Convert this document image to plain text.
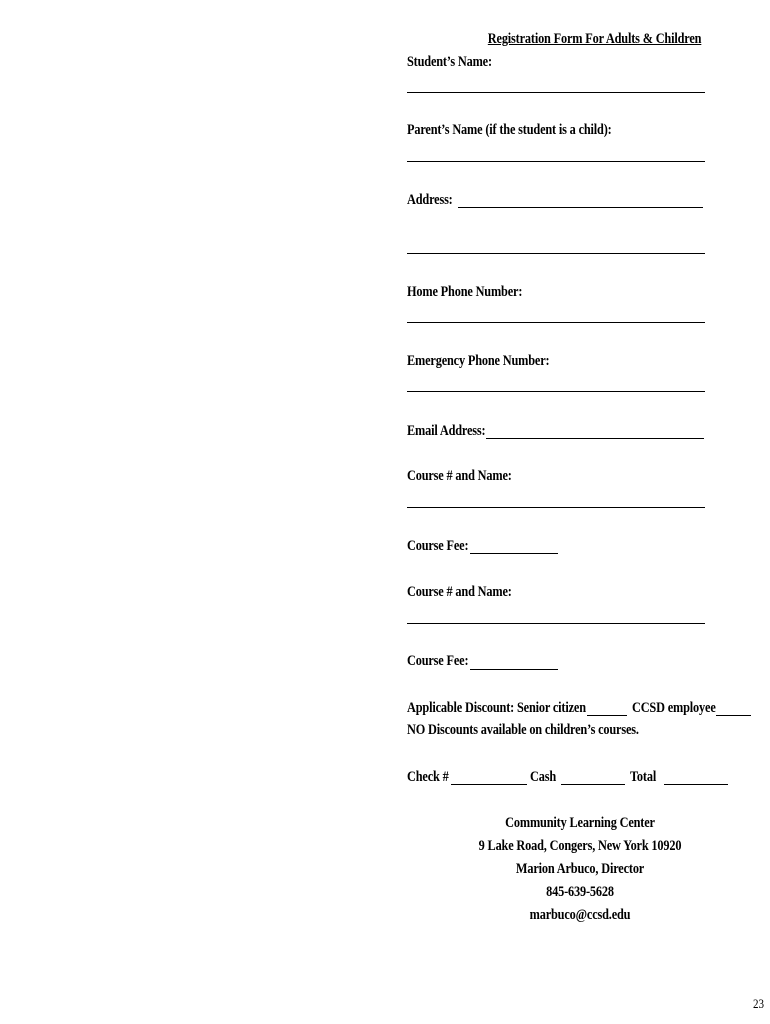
Registration Form For Adults & Children
Student’s Name:
Parent’s Name (if the student is a child):
Address:
Home Phone Number:
Emergency Phone Number:
Email Address:
Course # and Name:
Course Fee:
Course # and Name:
Course Fee:
Applicable Discount: Senior citizen	CCSD employee
NO Discounts available on children’s courses.
Check #	Cash	Total
Community Learning Center
9 Lake Road, Congers, New York 10920
Marion Arbuco, Director
845-639-5628
marbuco@ccsd.edu
23
